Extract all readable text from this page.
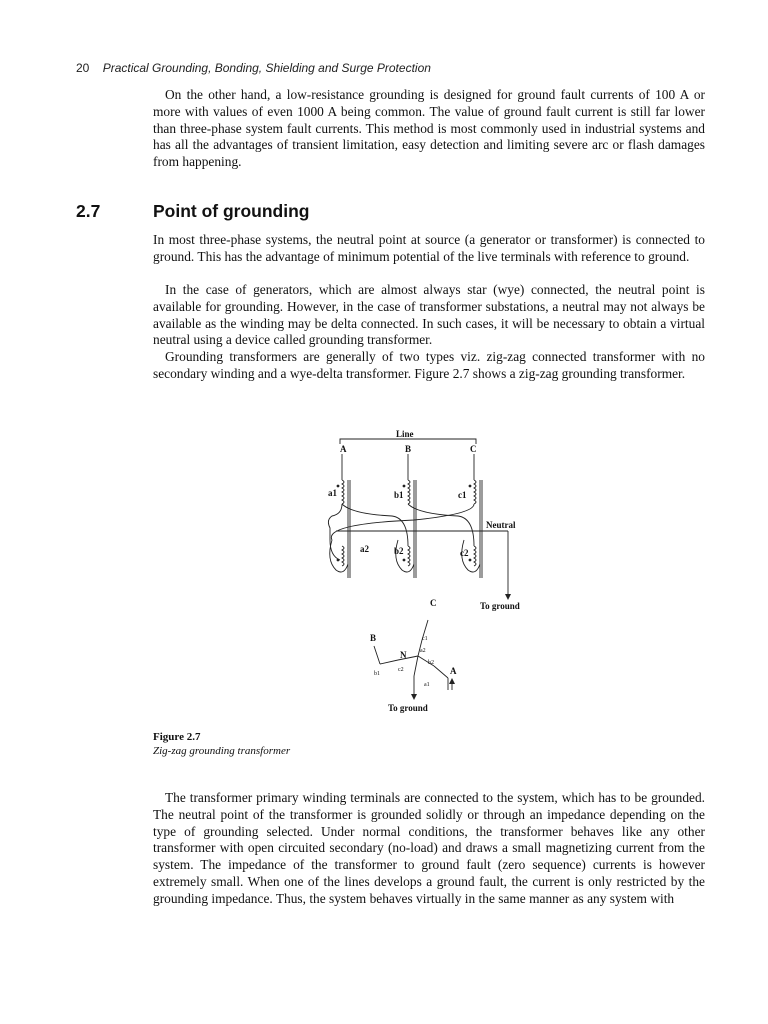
20 Practical Grounding, Bonding, Shielding and Surge Protection

On the other hand, a low-resistance grounding is designed for ground fault currents of 100 A or more with values of even 1000 A being common. The value of ground fault current is still far lower than three-phase system fault currents. This method is most commonly used in industrial systems and has all the advantages of transient limitation, easy detection and limiting severe arc or flash damages from happening.

2.7	Point of grounding

In most three-phase systems, the neutral point at source (a generator or transformer) is connected to ground. This has the advantage of minimum potential of the live terminals with reference to ground.

In the case of generators, which are almost always star (wye) connected, the neutral point is available for grounding. However, in the case of transformer substations, a neutral may not always be available as the winding may be delta connected. In such cases, it will be necessary to obtain a virtual neutral using a device called grounding transformer.

Grounding transformers are generally of two types viz. zig-zag connected transformer with no secondary winding and a wye-delta transformer. Figure 2.7 shows a zig-zag grounding transformer.

Line
A	B	C
a1	b1	c1
a2	b2	c2
Neutral
To ground
C
B
A
N
c1
a2
b2
c2
b1
a1
To ground
Figure 2.7
Zig-zag grounding transformer

The transformer primary winding terminals are connected to the system, which has to be grounded. The neutral point of the transformer is grounded solidly or through an impedance depending on the type of grounding selected. Under normal conditions, the transformer behaves like any other transformer with open circuited secondary (no-load) and draws a small magnetizing current from the system. The impedance of the transformer to ground fault (zero sequence) currents is however extremely small. When one of the lines develops a ground fault, the current is only restricted by the grounding impedance. Thus, the system behaves virtually in the same manner as any system with
